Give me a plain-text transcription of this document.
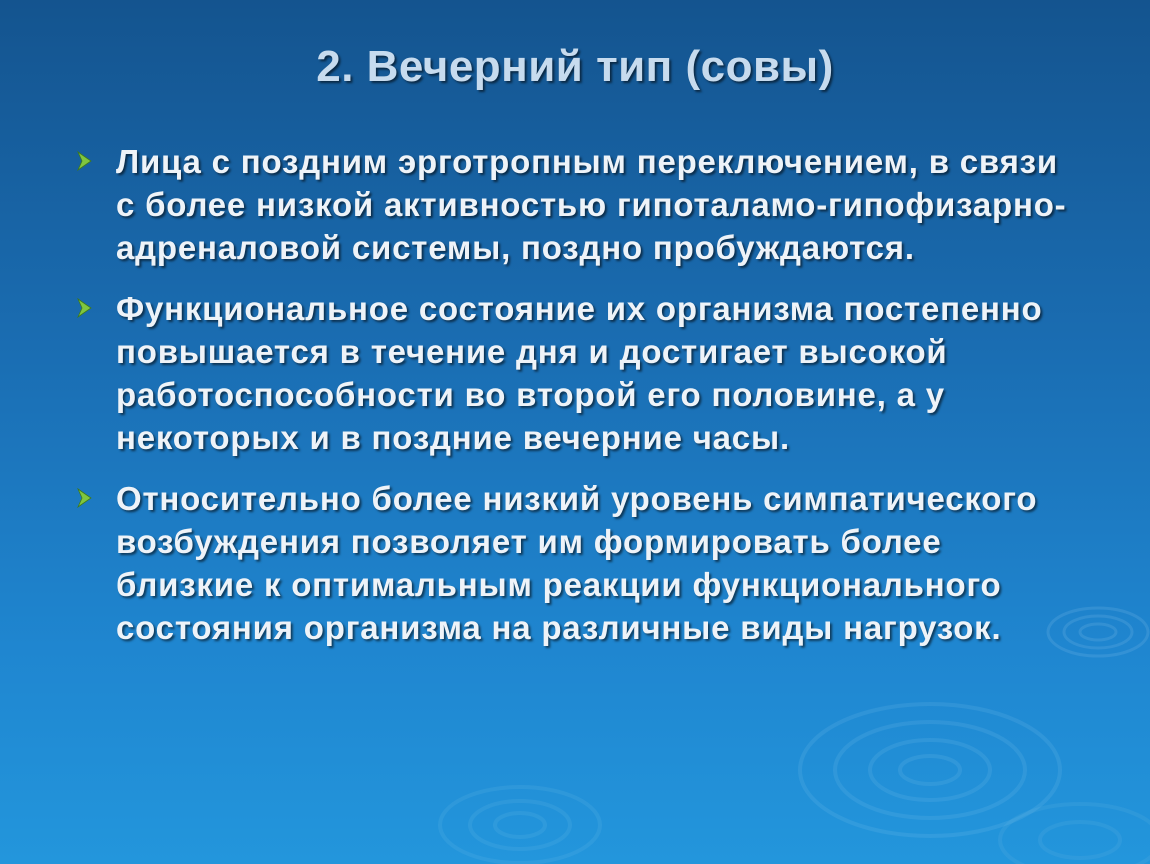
2. Вечерний тип (совы)
Лица с поздним эрготропным переключением, в связи с более низкой активностью гипоталамо-гипофизарно-адреналовой системы, поздно пробуждаются.
Функциональное состояние их организма постепенно повышается в течение дня и достигает высокой работоспособности во второй его половине, а у некоторых и в поздние вечерние часы.
Относительно более низкий уровень симпатического возбуждения позволяет им формировать более близкие к оптимальным реакции функционального состояния организма на различные виды нагрузок.
